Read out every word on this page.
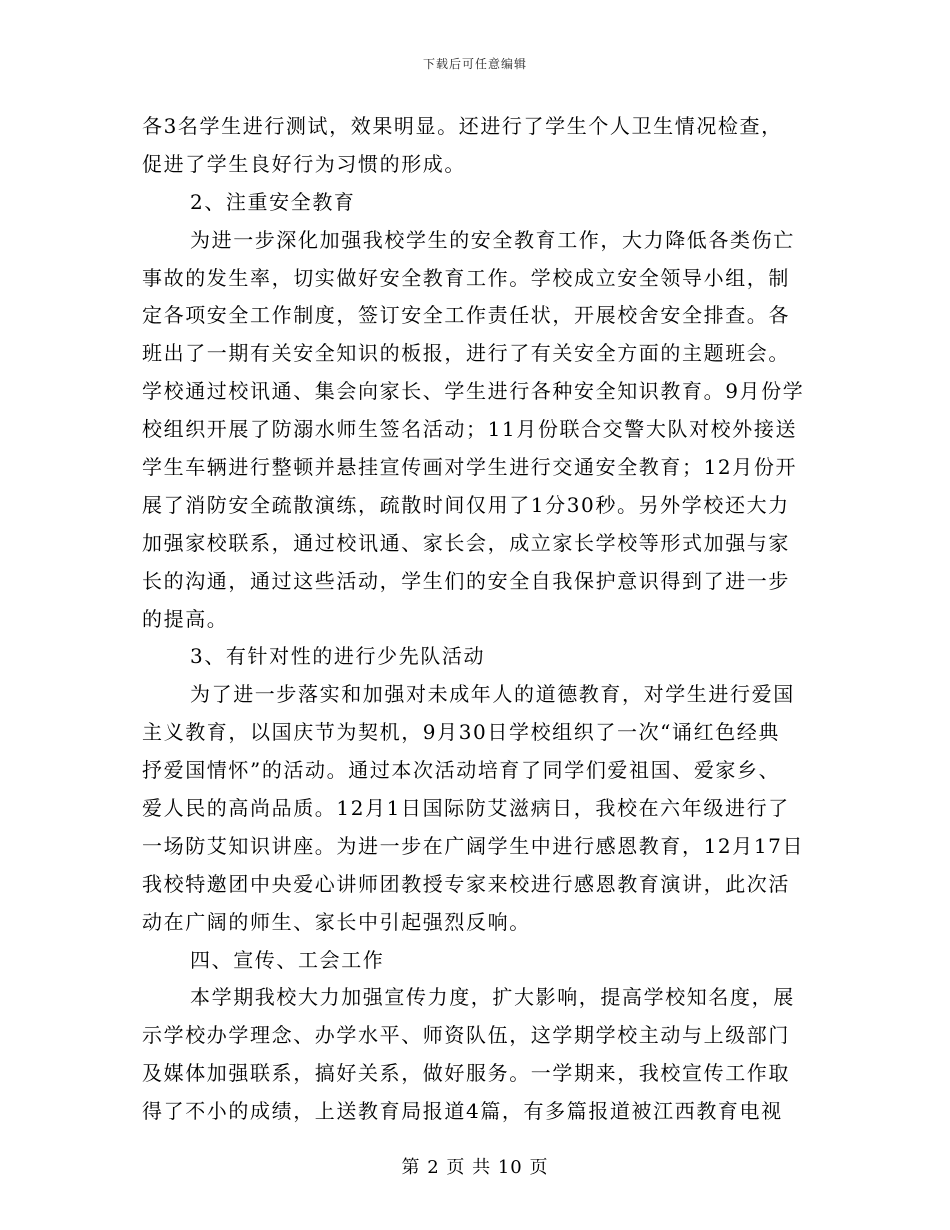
下载后可任意编辑
各3名学生进行测试，效果明显。还进行了学生个人卫生情况检查，
促进了学生良好行为习惯的形成。
2、注重安全教育
为进一步深化加强我校学生的安全教育工作，大力降低各类伤亡
事故的发生率，切实做好安全教育工作。学校成立安全领导小组，制
定各项安全工作制度，签订安全工作责任状，开展校舍安全排查。各
班出了一期有关安全知识的板报，进行了有关安全方面的主题班会。
学校通过校讯通、集会向家长、学生进行各种安全知识教育。9月份学
校组织开展了防溺水师生签名活动；11月份联合交警大队对校外接送
学生车辆进行整顿并悬挂宣传画对学生进行交通安全教育；12月份开
展了消防安全疏散演练，疏散时间仅用了1分30秒。另外学校还大力
加强家校联系，通过校讯通、家长会，成立家长学校等形式加强与家
长的沟通，通过这些活动，学生们的安全自我保护意识得到了进一步
的提高。
3、有针对性的进行少先队活动
为了进一步落实和加强对未成年人的道德教育，对学生进行爱国
主义教育，以国庆节为契机，9月30日学校组织了一次“诵红色经典
抒爱国情怀”的活动。通过本次活动培育了同学们爱祖国、爱家乡、
爱人民的高尚品质。12月1日国际防艾滋病日，我校在六年级进行了
一场防艾知识讲座。为进一步在广阔学生中进行感恩教育，12月17日
我校特邀团中央爱心讲师团教授专家来校进行感恩教育演讲，此次活
动在广阔的师生、家长中引起强烈反响。
四、宣传、工会工作
本学期我校大力加强宣传力度，扩大影响，提高学校知名度，展
示学校办学理念、办学水平、师资队伍，这学期学校主动与上级部门
及媒体加强联系，搞好关系，做好服务。一学期来，我校宣传工作取
得了不小的成绩，上送教育局报道4篇，有多篇报道被江西教育电视
第 2 页 共 10 页
